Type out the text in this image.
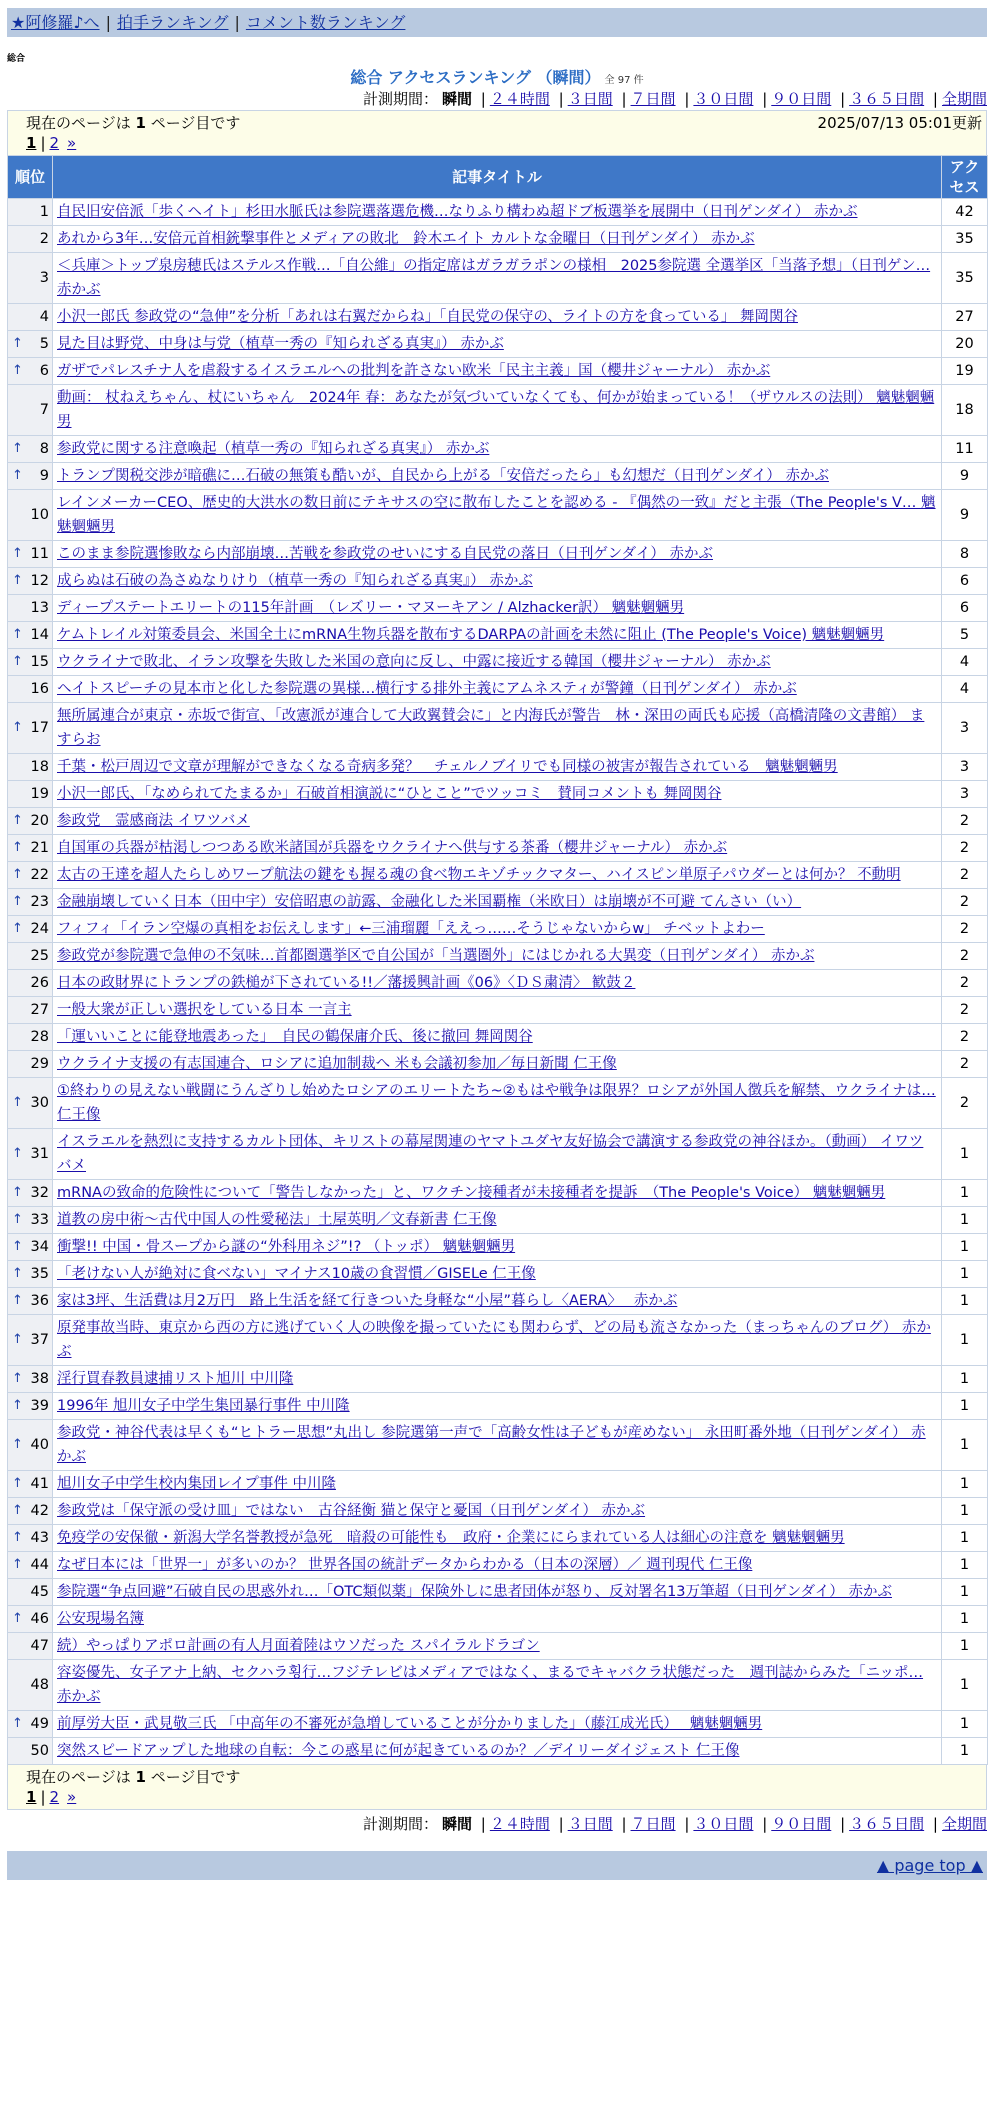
★阿修羅♪へ | 拍手ランキング | コメント数ランキング
総合
総合 アクセスランキング （瞬間） 全 97 件
計測期間： 瞬間 | ２４時間 | ３日間 | ７日間 | ３０日間 | ９０日間 | ３６５日間 | 全期間
現在のページは 1 ページ目です	2025/07/13 05:01更新
1 | 2 »
順位	記事タイトル	アクセス
1	自民旧安倍派「歩くヘイト」杉田水脈氏は参院選落選危機…なりふり構わぬ超ドブ板選挙を展開中（日刊ゲンダイ） 赤かぶ	42
2	あれから3年…安倍元首相銃撃事件とメディアの敗北　鈴木エイト カルトな金曜日（日刊ゲンダイ） 赤かぶ	35
3	＜兵庫＞トップ泉房穂氏はステルス作戦…「自公維」の指定席はガラガラポンの様相　2025参院選 全選挙区「当落予想」（日刊ゲン… 赤かぶ	35
4	小沢一郎氏 参政党の“急伸”を分析「あれは右翼だからね」「自民党の保守の、ライトの方を食っている」 舞岡関谷	27

↑ 5	見た目は野党、中身は与党（植草一秀の『知られざる真実』） 赤かぶ	20

↑ 6	ガザでパレスチナ人を虐殺するイスラエルへの批判を許さない欧米「民主主義」国（櫻井ジャーナル） 赤かぶ	19
7	動画： 杖ねえちゃん、杖にいちゃん　2024年 春：あなたが気づいていなくても、何かが始まっている！（ザウルスの法則） 魑魅魍魎男	18

↑ 8	参政党に関する注意喚起（植草一秀の『知られざる真実』） 赤かぶ	11

↑ 9	トランプ関税交渉が暗礁に…石破の無策も酷いが、自民から上がる「安倍だったら」も幻想だ（日刊ゲンダイ） 赤かぶ	9
10	レインメーカーCEO、歴史的大洪水の数日前にテキサスの空に散布したことを認める - 『偶然の一致』だと主張（The People's V… 魑魅魍魎男	9

↑ 11	このまま参院選惨敗なら内部崩壊…苦戦を参政党のせいにする自民党の落日（日刊ゲンダイ） 赤かぶ	8

↑ 12	成らぬは石破の為さぬなりけり（植草一秀の『知られざる真実』） 赤かぶ	6
13	ディープステートエリートの115年計画　（レズリー・マヌーキアン / Alzhacker訳） 魑魅魍魎男	6

↑ 14	ケムトレイル対策委員会、米国全土にmRNA生物兵器を散布するDARPAの計画を未然に阻止 (The People's Voice) 魑魅魍魎男	5

↑ 15	ウクライナで敗北、イラン攻撃を失敗した米国の意向に反し、中露に接近する韓国（櫻井ジャーナル） 赤かぶ	4
16	ヘイトスピーチの見本市と化した参院選の異様…横行する排外主義にアムネスティが警鐘（日刊ゲンダイ） 赤かぶ	4

↑ 17	無所属連合が東京・赤坂で街宣、「改憲派が連合して大政翼賛会に」と内海氏が警告　林・深田の両氏も応援（高橋清隆の文書館） ますらお	3
18	千葉・松戸周辺で文章が理解ができなくなる奇病多発？　チェルノブイリでも同様の被害が報告されている　魑魅魍魎男	3
19	小沢一郎氏、「なめられてたまるか」石破首相演説に“ひとこと”でツッコミ　賛同コメントも 舞岡関谷	3

↑ 20	参政党　霊感商法 イワツバメ	2

↑ 21	自国軍の兵器が枯渇しつつある欧米諸国が兵器をウクライナへ供与する茶番（櫻井ジャーナル） 赤かぶ	2

↑ 22	太古の王達を超人たらしめワープ航法の鍵をも握る魂の食べ物エキゾチックマター、ハイスピン単原子パウダーとは何か？ 不動明	2

↑ 23	金融崩壊していく日本（田中宇）安倍昭恵の訪露、金融化した米国覇権（米欧日）は崩壊が不可避 てんさい（い）	2

↑ 24	フィフィ「イラン空爆の真相をお伝えします」←三浦瑠麗「ええっ……そうじゃないからw」 チベットよわー	2
25	参政党が参院選で急伸の不気味…首都圏選挙区で自公国が「当選圏外」にはじかれる大異変（日刊ゲンダイ） 赤かぶ	2
26	日本の政財界にトランプの鉄槌が下されている!!／藩援興計画《06》〈ＤＳ粛清〉 歓鼓２	2
27	一般大衆が正しい選択をしている日本 一言主	2
28	「運いいことに能登地震あった」　自民の鶴保庸介氏、後に撤回 舞岡関谷	2
29	ウクライナ支援の有志国連合、ロシアに追加制裁へ 米も会議初参加／毎日新聞 仁王像	2

↑ 30	①終わりの見えない戦闘にうんざりし始めたロシアのエリートたち~②もはや戦争は限界？ロシアが外国人徴兵を解禁、ウクライナは… 仁王像	2

↑ 31	イスラエルを熱烈に支持するカルト団体、キリストの幕屋関連のヤマトユダヤ友好協会で講演する参政党の神谷ほか。（動画） イワツバメ	1

↑ 32	mRNAの致命的危険性について「警告しなかった」と、ワクチン接種者が未接種者を提訴　（The People's Voice） 魑魅魍魎男	1

↑ 33	道教の房中術〜古代中国人の性愛秘法」土屋英明／文春新書 仁王像	1

↑ 34	衝撃!! 中国・骨スープから謎の“外科用ネジ”!? （トッポ） 魑魅魍魎男	1

↑ 35	「老けない人が絶対に食べない」マイナス10歳の食習慣／GISELe 仁王像	1

↑ 36	家は3坪、生活費は月2万円　路上生活を経て行きついた身軽な“小屋”暮らし〈AERA〉　 赤かぶ	1

↑ 37	原発事故当時、東京から西の方に逃げていく人の映像を撮っていたにも関わらず、どの局も流さなかった（まっちゃんのブログ） 赤かぶ	1

↑ 38	淫行買春教員逮捕リスト旭川 中川隆	1

↑ 39	1996年 旭川女子中学生集団暴行事件 中川隆	1

↑ 40	参政党・神谷代表は早くも“ヒトラー思想”丸出し 参院選第一声で「高齢女性は子どもが産めない」 永田町番外地（日刊ゲンダイ） 赤かぶ	1

↑ 41	旭川女子中学生校内集団レイプ事件 中川隆	1

↑ 42	参政党は「保守派の受け皿」ではない　古谷経衡 猫と保守と憂国（日刊ゲンダイ） 赤かぶ	1

↑ 43	免疫学の安保徹・新潟大学名誉教授が急死　暗殺の可能性も　政府・企業ににらまれている人は細心の注意を 魑魅魍魎男	1

↑ 44	なぜ日本には「世界一」が多いのか？ 世界各国の統計データからわかる（日本の深層）／ 週刊現代 仁王像	1
45	参院選“争点回避”石破自民の思惑外れ…「OTC類似薬」保険外しに患者団体が怒り、反対署名13万筆超（日刊ゲンダイ） 赤かぶ	1

↑ 46	公安現場名簿	1
47	続）やっぱりアポロ計画の有人月面着陸はウソだった スパイラルドラゴン	1
48	容姿優先、女子アナ上納、セクハラ횡行…フジテレビはメディアではなく、まるでキャバクラ状態だった　週刊誌からみた「ニッポ… 赤かぶ	1

↑ 49	前厚労大臣・武見敬三氏 「中高年の不審死が急増していることが分かりました」（藤江成光氏）　 魑魅魍魎男	1
50	突然スピードアップした地球の自転：今この惑星に何が起きているのか？／デイリーダイジェスト 仁王像	1
現在のページは 1 ページ目です
1 | 2 »
計測期間： 瞬間 | ２４時間 | ３日間 | ７日間 | ３０日間 | ９０日間 | ３６５日間 | 全期間
▲ page top ▲
